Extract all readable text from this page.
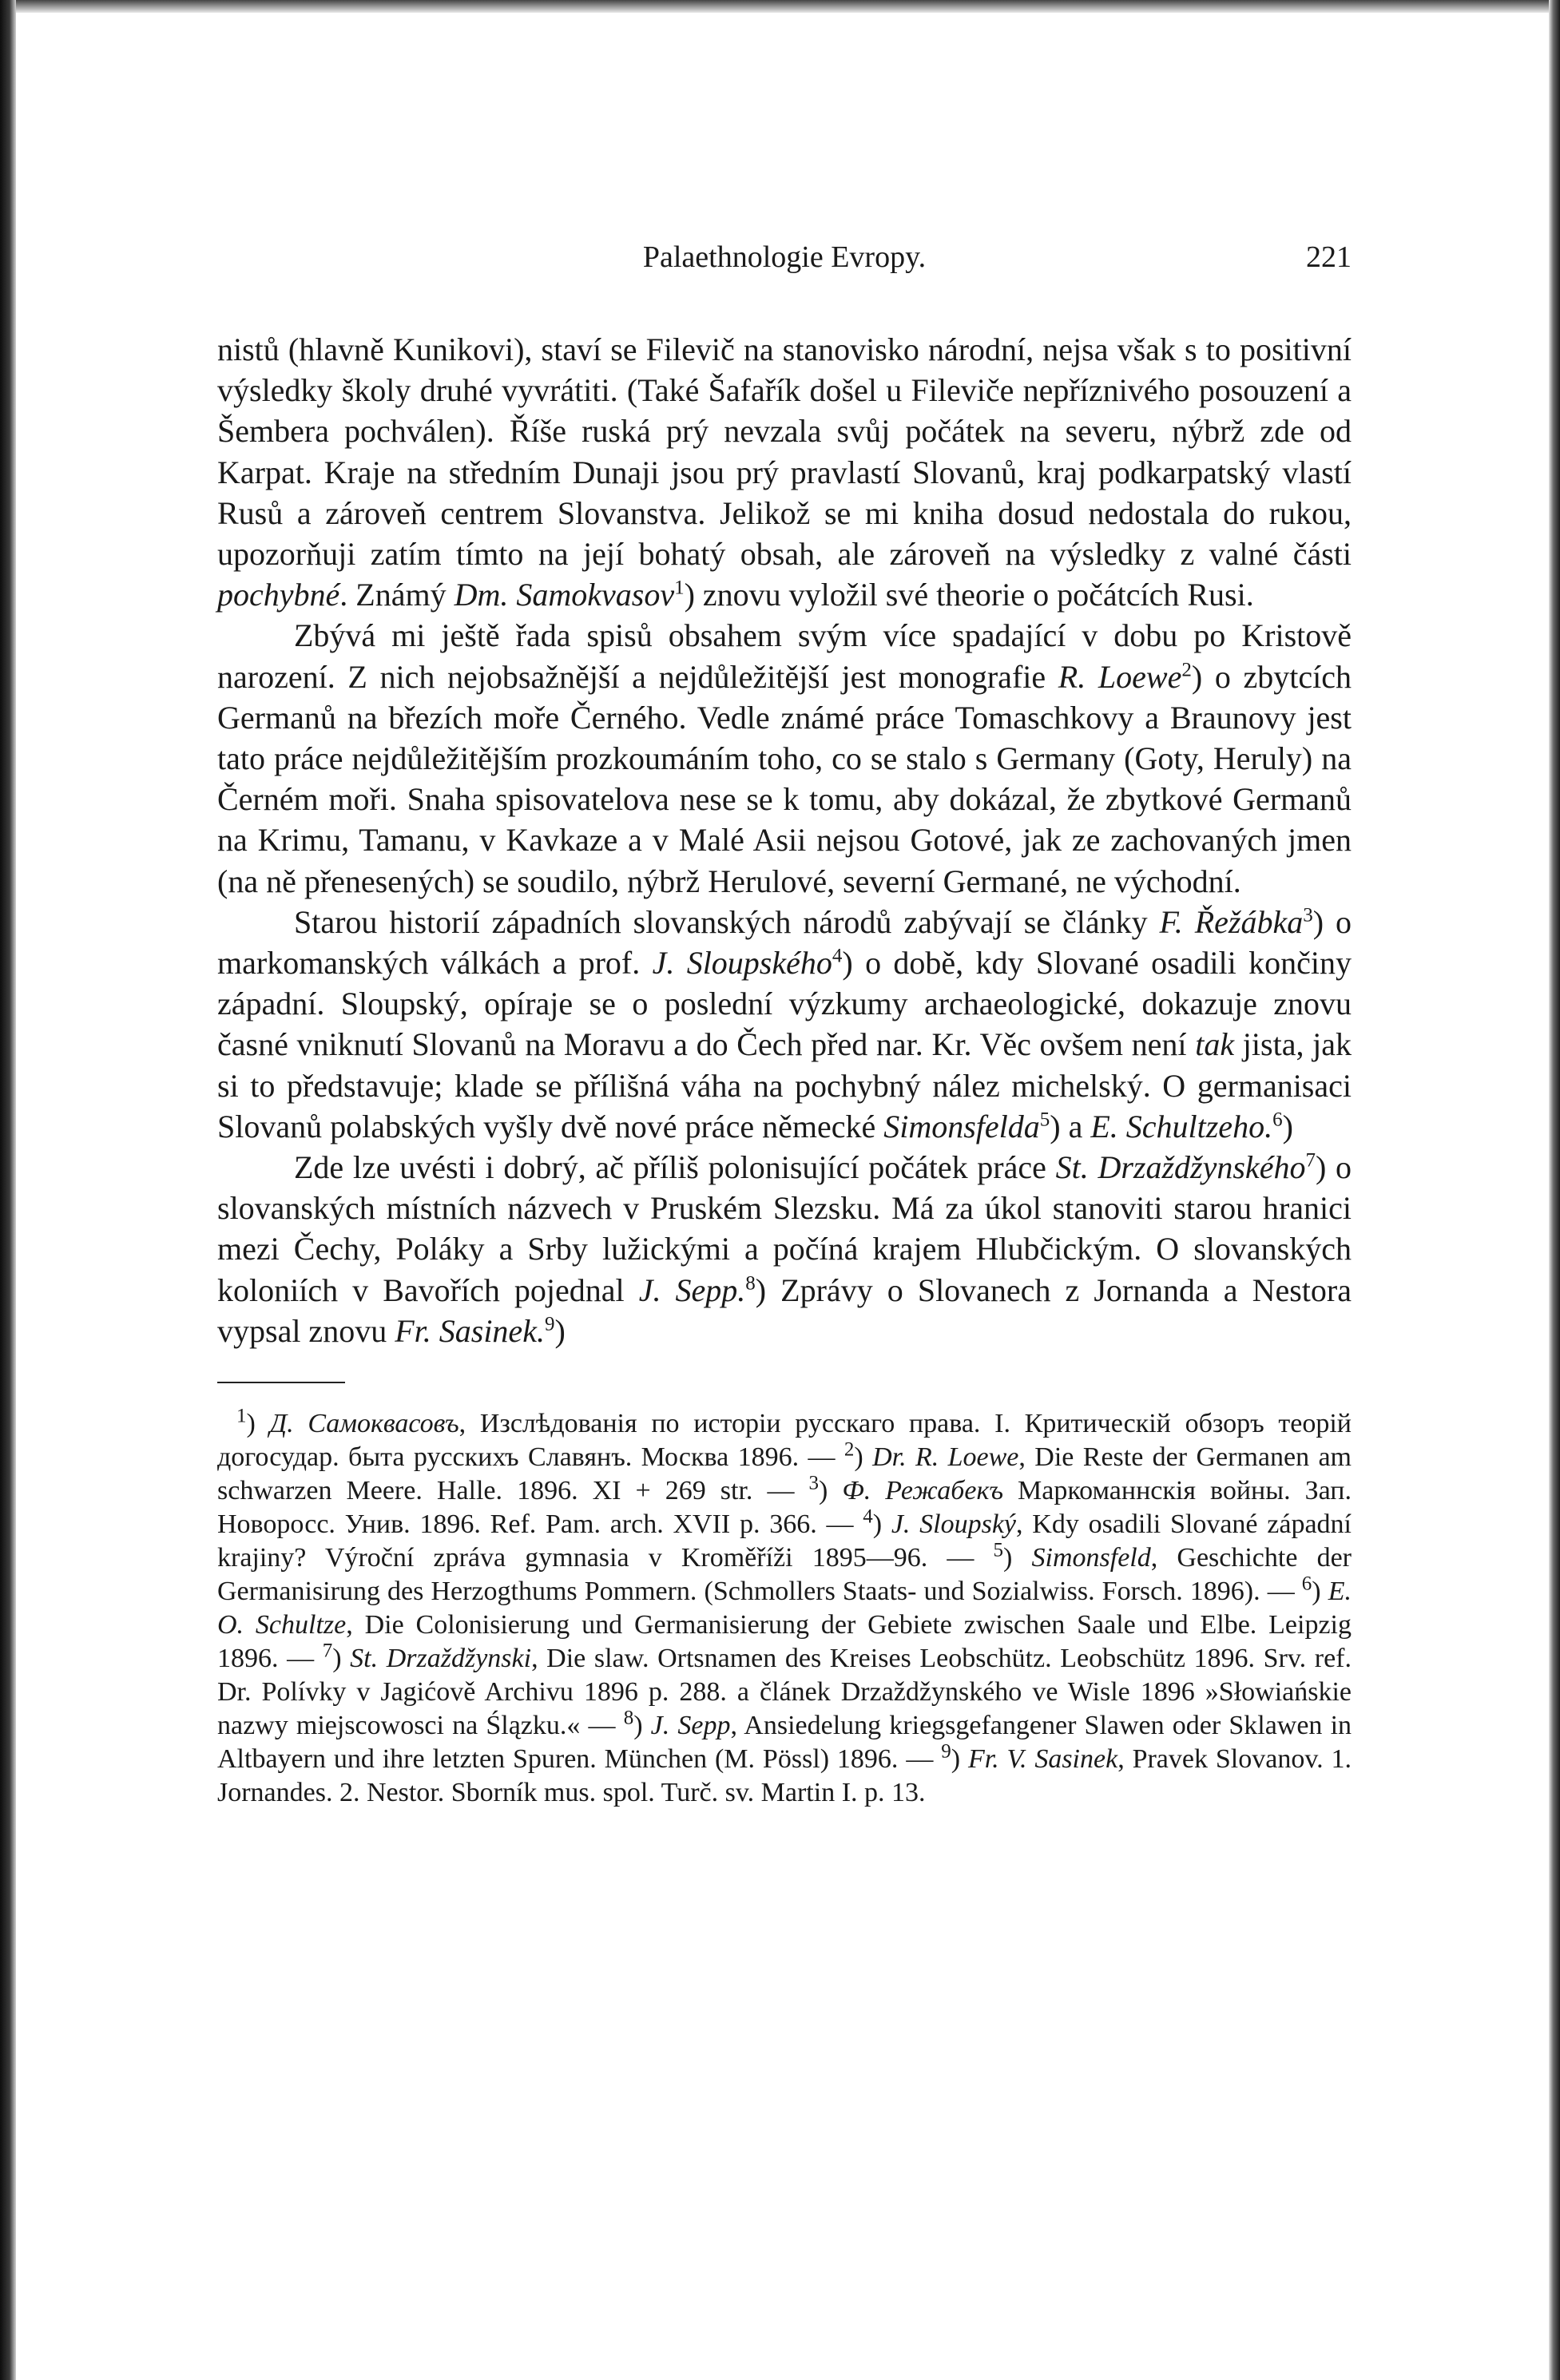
Palaethnologie Evropy.	221

nistů (hlavně Kunikovi), staví se Filevič na stanovisko národní, nejsa však s to positivní výsledky školy druhé vyvrátiti. (Také Šafařík došel u Fileviče nepříznivého posouzení a Šembera pochválen). Říše ruská prý nevzala svůj počátek na severu, nýbrž zde od Karpat. Kraje na středním Dunaji jsou prý pravlastí Slovanů, kraj podkarpatský vlastí Rusů a zároveň centrem Slovanstva. Jelikož se mi kniha dosud nedostala do rukou, upozorňuji zatím tímto na její bohatý obsah, ale zároveň na výsledky z valné části pochybné. Známý Dm. Samokvasov$^1$) znovu vyložil své theorie o počátcích Rusi.

Zbývá mi ještě řada spisů obsahem svým více spadající v dobu po Kristově narození. Z nich nejobsažnější a nejdůležitější jest monografie R. Loewe$^2$) o zbytcích Germanů na březích moře Černého. Vedle známé práce Tomaschkovy a Braunovy jest tato práce nejdůležitějším prozkoumáním toho, co se stalo s Germany (Goty, Heruly) na Černém moři. Snaha spisovatelova nese se k tomu, aby dokázal, že zbytkové Germanů na Krimu, Tamanu, v Kavkaze a v Malé Asii nejsou Gotové, jak ze zachovaných jmen (na ně přenesených) se soudilo, nýbrž Herulové, severní Germané, ne východní.

Starou historií západních slovanských národů zabývají se články F. Řežábka$^3$) o markomanských válkách a prof. J. Sloupského$^4$) o době, kdy Slované osadili končiny západní. Sloupský, opíraje se o poslední výzkumy archaeologické, dokazuje znovu časné vniknutí Slovanů na Moravu a do Čech před nar. Kr. Věc ovšem není tak jista, jak si to představuje; klade se přílišná váha na pochybný nález michelský. O germanisaci Slovanů polabských vyšly dvě nové práce německé Simonsfelda$^5$) a E. Schultzeho.$^6$)

Zde lze uvésti i dobrý, ač příliš polonisující počátek práce St. Drzaždžynského$^7$) o slovanských místních názvech v Pruském Slezsku. Má za úkol stanoviti starou hranici mezi Čechy, Poláky a Srby lužickými a počíná krajem Hlubčickým. O slovanských koloniích v Bavořích pojednal J. Sepp.$^8$) Zprávy o Slovanech z Jornanda a Nestora vypsal znovu Fr. Sasinek.$^9$)

$^1$) Д. Самоквасовъ, Изслѣдованія по исторіи русскаго права. I. Критическій обзоръ теорій догосудар. быта русскихъ Славянъ. Москва 1896. — $^2$) Dr. R. Loewe, Die Reste der Germanen am schwarzen Meere. Halle. 1896. XI + 269 str. — $^3$) Ф. Режабекъ Маркоманнскія войны. Зап. Новоросс. Унив. 1896. Ref. Pam. arch. XVII p. 366. — $^4$) J. Sloupský, Kdy osadili Slované západní krajiny? Výroční zpráva gymnasia v Kroměříži 1895—96. — $^5$) Simonsfeld, Geschichte der Germanisirung des Herzogthums Pommern. (Schmollers Staats- und Sozialwiss. Forsch. 1896). — $^6$) E. O. Schultze, Die Colonisierung und Germanisierung der Gebiete zwischen Saale und Elbe. Leipzig 1896. — $^7$) St. Drzaždžynski, Die slaw. Ortsnamen des Kreises Leobschütz. Leobschütz 1896. Srv. ref. Dr. Polívky v Jagićově Archivu 1896 p. 288. a článek Drzaždžynského ve Wisle 1896 »Słowiańskie nazwy miejscowosci na Ślązku.« — $^8$) J. Sepp, Ansiedelung kriegsgefangener Slawen oder Sklawen in Altbayern und ihre letzten Spuren. München (M. Pössl) 1896. — $^9$) Fr. V. Sasinek, Pravek Slovanov. 1. Jornandes. 2. Nestor. Sborník mus. spol. Turč. sv. Martin I. p. 13.
